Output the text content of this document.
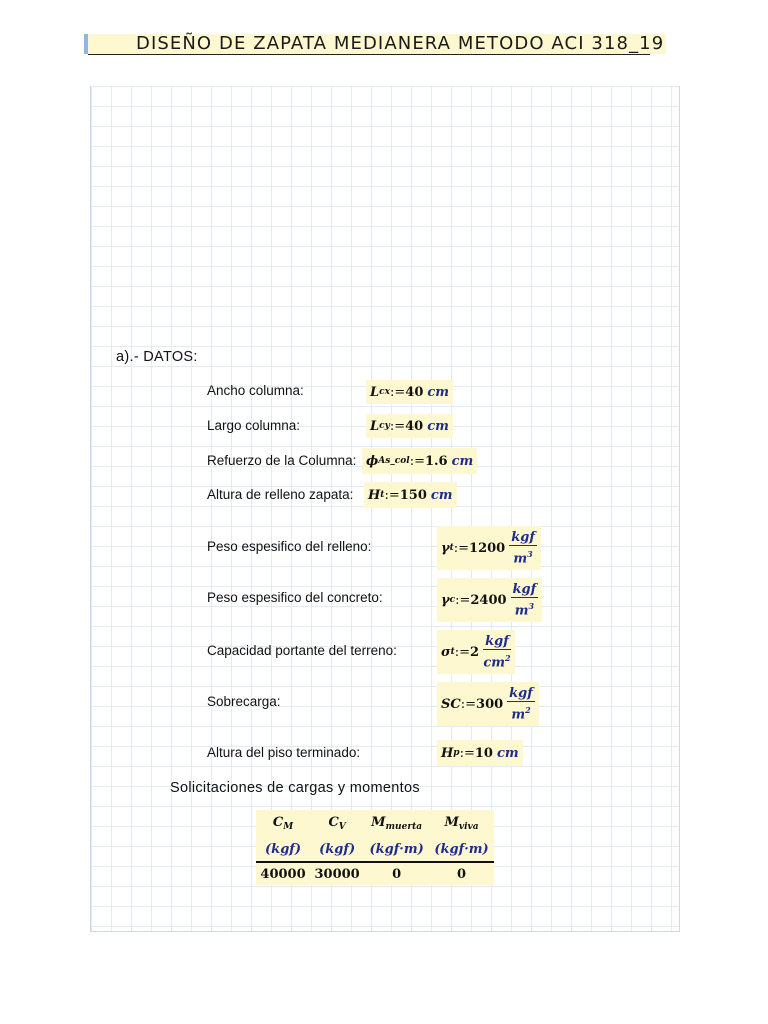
DISEÑO DE ZAPATA MEDIANERA METODO ACI 318_19
a).- DATOS:
Ancho columna:	L cx := 40 cm
Largo columna:	L cy := 40 cm
Refuerzo de la Columna: ϕ As_col := 1.6 cm
Altura de relleno zapata: H t := 150 cm
Peso espesifico del relleno:	γ t := $1200 \frac{\text{kgf}}{m^3}$
Peso espesifico del concreto:	γ c := $2400 \frac{\text{kgf}}{m^3}$
Capacidad portante del terreno:	σ t := $2 \frac{\text{kgf}}{cm^2}$
Sobrecarga:	SC := $300 \frac{\text{kgf}}{m^2}$
Altura del piso terminado:	H p := 10 cm
Solicitaciones de cargas y momentos
$C_M$	$C_V$	$M_{muerta}$	$M_{viva}$
(kgf)	(kgf)	(kgf·m)	(kgf·m)
40000	30000	0	0
